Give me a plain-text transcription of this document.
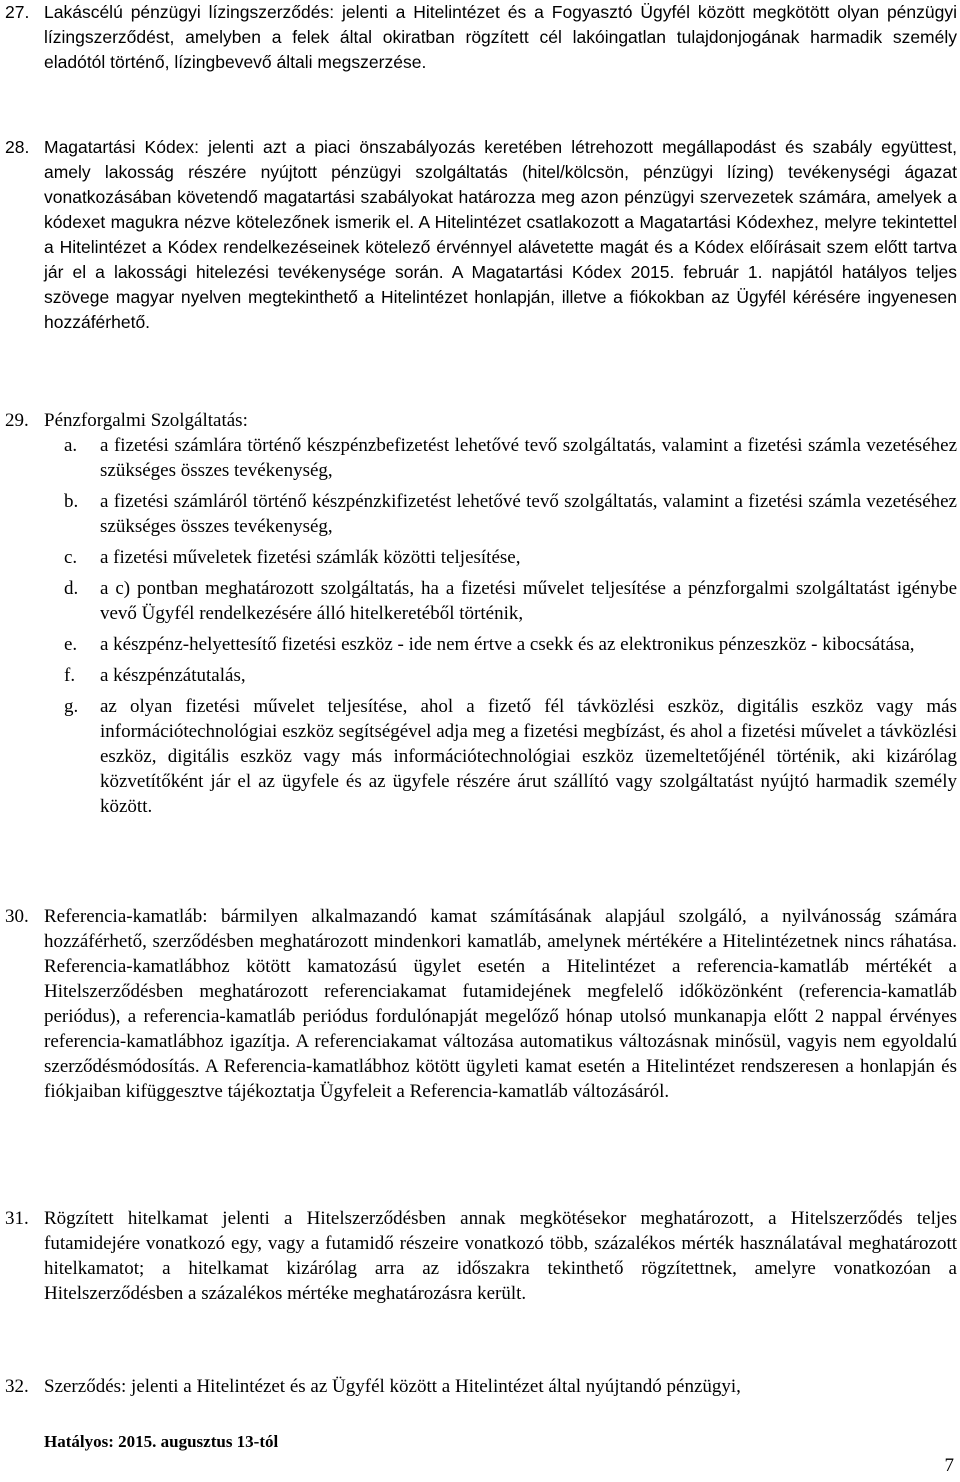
27. Lakáscélú pénzügyi lízingszerződés: jelenti a Hitelintézet és a Fogyasztó Ügyfél között megkötött olyan pénzügyi lízingszerződést, amelyben a felek által okiratban rögzített cél lakóingatlan tulajdonjogának harmadik személy eladótól történő, lízingbevevő általi megszerzése.
28. Magatartási Kódex: jelenti azt a piaci önszabályozás keretében létrehozott megállapodást és szabály együttest, amely lakosság részére nyújtott pénzügyi szolgáltatás (hitel/kölcsön, pénzügyi lízing) tevékenységi ágazat vonatkozásában követendő magatartási szabályokat határozza meg azon pénzügyi szervezetek számára, amelyek a kódexet magukra nézve kötelezőnek ismerik el. A Hitelintézet csatlakozott a Magatartási Kódexhez, melyre tekintettel a Hitelintézet a Kódex rendelkezéseinek kötelező érvénnyel alávetette magát és a Kódex előírásait szem előtt tartva jár el a lakossági hitelezési tevékenysége során. A Magatartási Kódex 2015. február 1. napjától hatályos teljes szövege magyar nyelven megtekinthető a Hitelintézet honlapján, illetve a fiókokban az Ügyfél kérésére ingyenesen hozzáférhető.
29. Pénzforgalmi Szolgáltatás:
a. a fizetési számlára történő készpénzbefizetést lehetővé tevő szolgáltatás, valamint a fizetési számla vezetéséhez szükséges összes tevékenység,
b. a fizetési számláról történő készpénzkifizetést lehetővé tevő szolgáltatás, valamint a fizetési számla vezetéséhez szükséges összes tevékenység,
c. a fizetési műveletek fizetési számlák közötti teljesítése,
d. a c) pontban meghatározott szolgáltatás, ha a fizetési művelet teljesítése a pénzforgalmi szolgáltatást igénybe vevő Ügyfél rendelkezésére álló hitelkeretéből történik,
e. a készpénz-helyettesítő fizetési eszköz - ide nem értve a csekk és az elektronikus pénzeszköz - kibocsátása,
f. a készpénzátutalás,
g. az olyan fizetési művelet teljesítése, ahol a fizető fél távközlési eszköz, digitális eszköz vagy más információtechnológiai eszköz segítségével adja meg a fizetési megbízást, és ahol a fizetési művelet a távközlési eszköz, digitális eszköz vagy más információtechnológiai eszköz üzemeltetőjénél történik, aki kizárólag közvetítőként jár el az ügyfele és az ügyfele részére árut szállító vagy szolgáltatást nyújtó harmadik személy között.
30. Referencia-kamatláb: bármilyen alkalmazandó kamat számításának alapjául szolgáló, a nyilvánosság számára hozzáférhető, szerződésben meghatározott mindenkori kamatláb, amelynek mértékére a Hitelintézetnek nincs ráhatása. Referencia-kamatlábhoz kötött kamatozású ügylet esetén a Hitelintézet a referencia-kamatláb mértékét a Hitelszerződésben meghatározott referenciakamat futamidejének megfelelő időközönként (referencia-kamatláb periódus), a referencia-kamatláb periódus fordulónapját megelőző hónap utolsó munkanapja előtt 2 nappal érvényes referencia-kamatlábhoz igazítja. A referenciakamat változása automatikus változásnak minősül, vagyis nem egyoldalú szerződésmódosítás. A Referencia-kamatlábhoz kötött ügyleti kamat esetén a Hitelintézet rendszeresen a honlapján és fiókjaiban kifüggesztve tájékoztatja Ügyfeleit a Referencia-kamatláb változásáról.
31. Rögzített hitelkamat jelenti a Hitelszerződésben annak megkötésekor meghatározott, a Hitelszerződés teljes futamidejére vonatkozó egy, vagy a futamidő részeire vonatkozó több, százalékos mérték használatával meghatározott hitelkamatot; a hitelkamat kizárólag arra az időszakra tekinthető rögzítettnek, amelyre vonatkozóan a Hitelszerződésben a százalékos mértéke meghatározásra került.
32. Szerződés: jelenti a Hitelintézet és az Ügyfél között a Hitelintézet által nyújtandó pénzügyi,
Hatályos: 2015. augusztus 13-tól
7
